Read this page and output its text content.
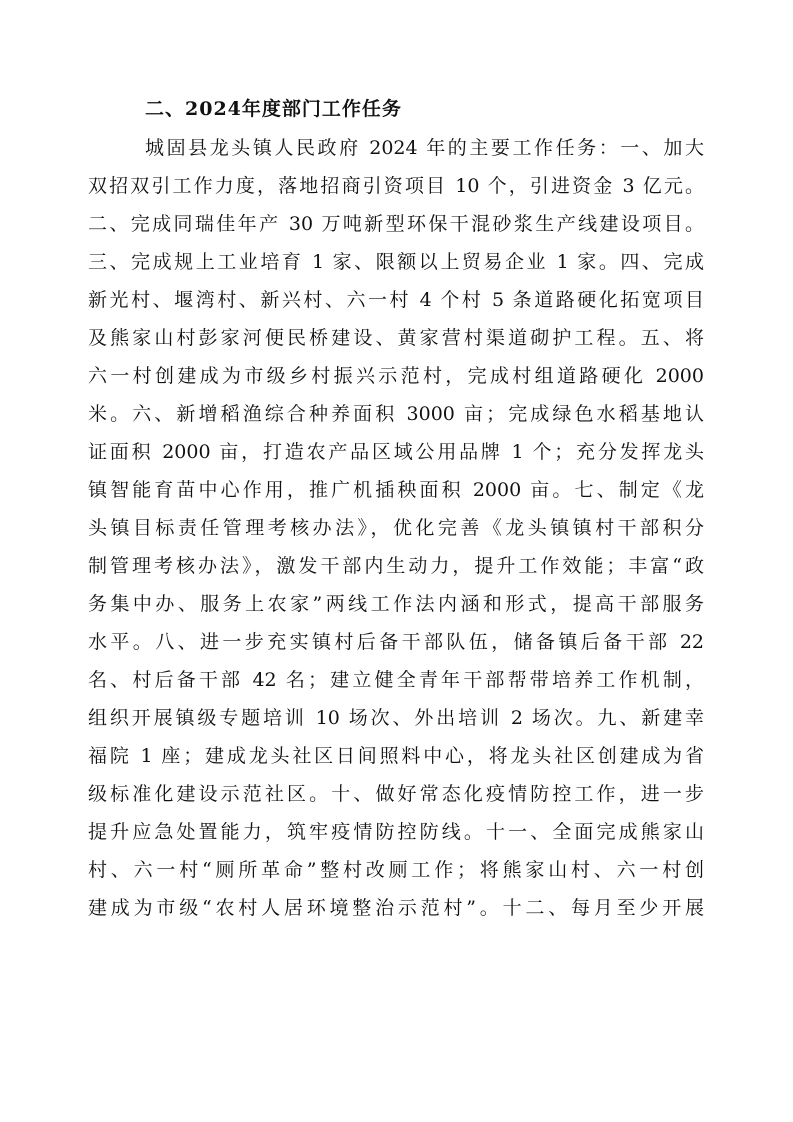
二、2024年度部门工作任务
城固县龙头镇人民政府 2024 年的主要工作任务：一、加大
双招双引工作力度，落地招商引资项目 10 个，引进资金 3 亿元。
二、完成同瑞佳年产 30 万吨新型环保干混砂浆生产线建设项目。
三、完成规上工业培育 1 家、限额以上贸易企业 1 家。四、完成
新光村、堰湾村、新兴村、六一村 4 个村 5 条道路硬化拓宽项目
及熊家山村彭家河便民桥建设、黄家营村渠道砌护工程。五、将
六一村创建成为市级乡村振兴示范村，完成村组道路硬化 2000
米。六、新增稻渔综合种养面积 3000 亩；完成绿色水稻基地认
证面积 2000 亩，打造农产品区域公用品牌 1 个；充分发挥龙头
镇智能育苗中心作用，推广机插秧面积 2000 亩。七、制定《龙
头镇目标责任管理考核办法》，优化完善《龙头镇镇村干部积分
制管理考核办法》，激发干部内生动力，提升工作效能；丰富“政
务集中办、服务上农家”两线工作法内涵和形式，提高干部服务
水平。八、进一步充实镇村后备干部队伍，储备镇后备干部 22
名、村后备干部 42 名；建立健全青年干部帮带培养工作机制，
组织开展镇级专题培训 10 场次、外出培训 2 场次。九、新建幸
福院 1 座；建成龙头社区日间照料中心，将龙头社区创建成为省
级标准化建设示范社区。十、做好常态化疫情防控工作，进一步
提升应急处置能力，筑牢疫情防控防线。十一、全面完成熊家山
村、六一村“厕所革命”整村改厕工作；将熊家山村、六一村创
建成为市级“农村人居环境整治示范村”。十二、每月至少开展
